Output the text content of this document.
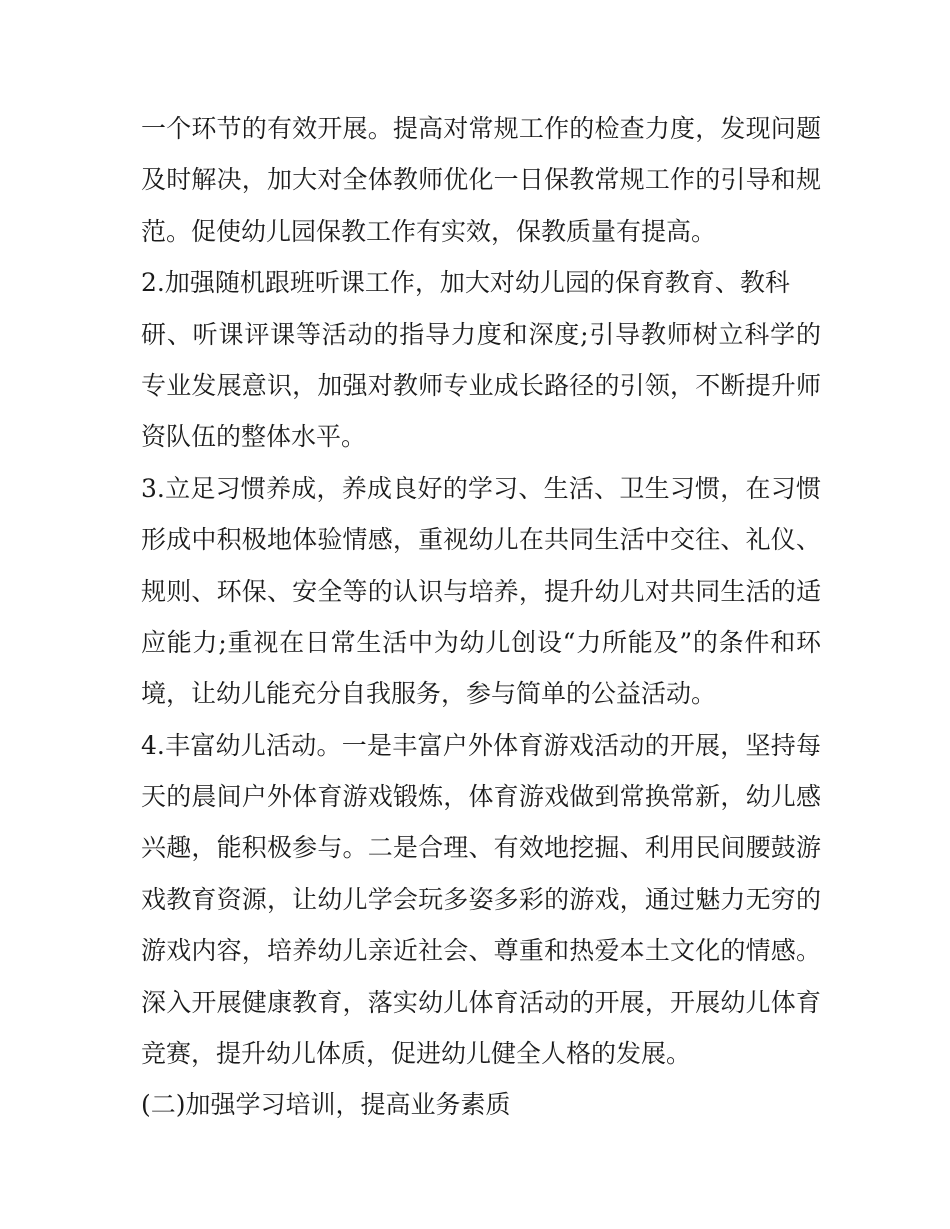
一个环节的有效开展。提高对常规工作的检查力度，发现问题
及时解决，加大对全体教师优化一日保教常规工作的引导和规
范。促使幼儿园保教工作有实效，保教质量有提高。
2.加强随机跟班听课工作，加大对幼儿园的保育教育、教科
研、听课评课等活动的指导力度和深度;引导教师树立科学的
专业发展意识，加强对教师专业成长路径的引领，不断提升师
资队伍的整体水平。
3.立足习惯养成，养成良好的学习、生活、卫生习惯，在习惯
形成中积极地体验情感，重视幼儿在共同生活中交往、礼仪、
规则、环保、安全等的认识与培养，提升幼儿对共同生活的适
应能力;重视在日常生活中为幼儿创设“力所能及”的条件和环
境，让幼儿能充分自我服务，参与简单的公益活动。
4.丰富幼儿活动。一是丰富户外体育游戏活动的开展，坚持每
天的晨间户外体育游戏锻炼，体育游戏做到常换常新，幼儿感
兴趣，能积极参与。二是合理、有效地挖掘、利用民间腰鼓游
戏教育资源，让幼儿学会玩多姿多彩的游戏，通过魅力无穷的
游戏内容，培养幼儿亲近社会、尊重和热爱本土文化的情感。
深入开展健康教育，落实幼儿体育活动的开展，开展幼儿体育
竞赛，提升幼儿体质，促进幼儿健全人格的发展。
(二)加强学习培训，提高业务素质
